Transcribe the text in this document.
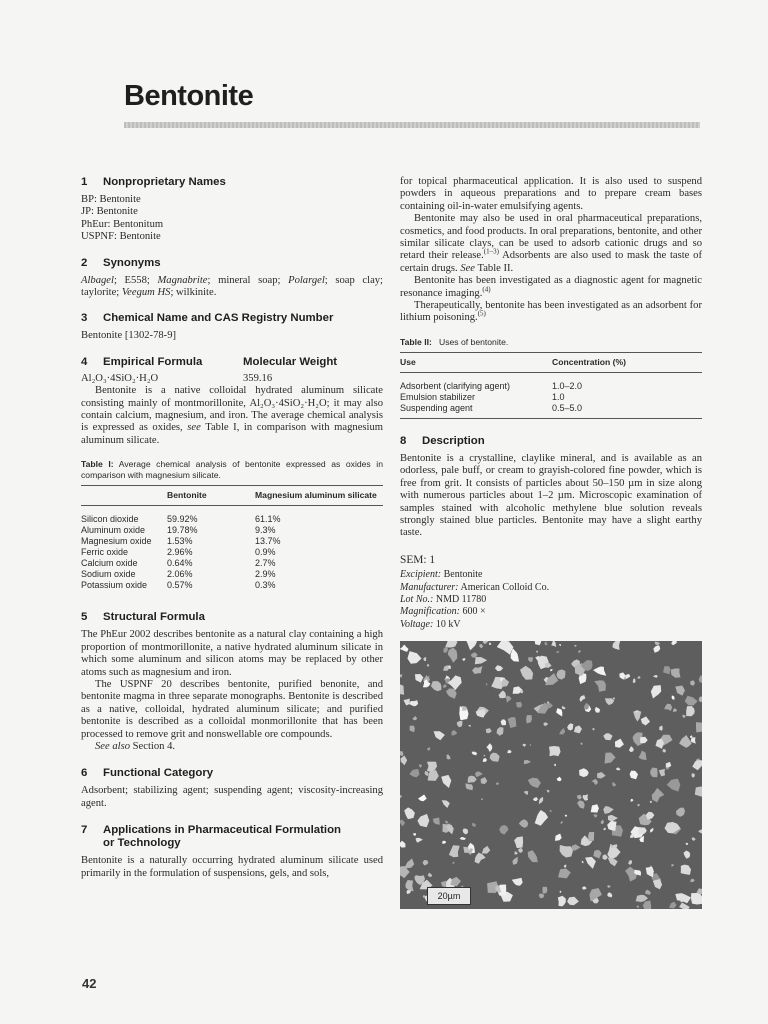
Bentonite
1 Nonproprietary Names
BP: Bentonite
JP: Bentonite
PhEur: Bentonitum
USPNF: Bentonite
2 Synonyms

Albagel; E558; Magnabrite; mineral soap; Polargel; soap clay; taylorite; Veegum HS; wilkinite.

3 Chemical Name and CAS Registry Number

Bentonite [1302-78-9]

4 Empirical Formula
Al₂O₃·4SiO₂·H₂O
Molecular Weight
359.16

Bentonite is a native colloidal hydrated aluminum silicate consisting mainly of montmorillonite, Al₂O₃·4SiO₂·H₂O; it may also contain calcium, magnesium, and iron. The average chemical analysis is expressed as oxides, see Table I, in comparison with magnesium aluminum silicate.

Table I: Average chemical analysis of bentonite expressed as oxides in comparison with magnesium silicate.

	Bentonite	Magnesium aluminum silicate
Silicon dioxide	59.92%	61.1%
Aluminum oxide	19.78%	9.3%
Magnesium oxide	1.53%	13.7%
Ferric oxide	2.96%	0.9%
Calcium oxide	0.64%	2.7%
Sodium oxide	2.06%	2.9%
Potassium oxide	0.57%	0.3%
5 Structural Formula

The PhEur 2002 describes bentonite as a natural clay containing a high proportion of montmorillonite, a native hydrated aluminum silicate in which some aluminum and silicon atoms may be replaced by other atoms such as magnesium and iron.

The USPNF 20 describes bentonite, purified benonite, and bentonite magma in three separate monographs. Bentonite is described as a native, colloidal, hydrated aluminum silicate; and purified bentonite is described as a colloidal monmorillonite that has been processed to remove grit and nonswellable ore compounds.

See also Section 4.

6 Functional Category

Adsorbent; stabilizing agent; suspending agent; viscosity-increasing agent.

7 Applications in Pharmaceutical Formulation
or Technology

Bentonite is a naturally occurring hydrated aluminum silicate used primarily in the formulation of suspensions, gels, and sols,

for topical pharmaceutical application. It is also used to suspend powders in aqueous preparations and to prepare cream bases containing oil-in-water emulsifying agents.

Bentonite may also be used in oral pharmaceutical preparations, cosmetics, and food products. In oral preparations, bentonite, and other similar silicate clays, can be used to adsorb cationic drugs and so retard their release.$^{(1-3)}$ Adsorbents are also used to mask the taste of certain drugs. See Table II.

Bentonite has been investigated as a diagnostic agent for magnetic resonance imaging.$^{(4)}$

Therapeutically, bentonite has been investigated as an adsorbent for lithium poisoning.$^{(5)}$

Table II: Uses of bentonite.

Use	Concentration (%)
Adsorbent (clarifying agent)	1.0–2.0
Emulsion stabilizer	1.0
Suspending agent	0.5–5.0
8 Description

Bentonite is a crystalline, claylike mineral, and is available as an odorless, pale buff, or cream to grayish-colored fine powder, which is free from grit. It consists of particles about 50–150 µm in size along with numerous particles about 1–2 µm. Microscopic examination of samples stained with alcoholic methylene blue solution reveals strongly stained blue particles. Bentonite may have a slight earthy taste.

SEM: 1
Excipient: Bentonite
Manufacturer: American Colloid Co.
Lot No.: NMD 11780
Magnification: 600 ×
Voltage: 10 kV
20µm
42
